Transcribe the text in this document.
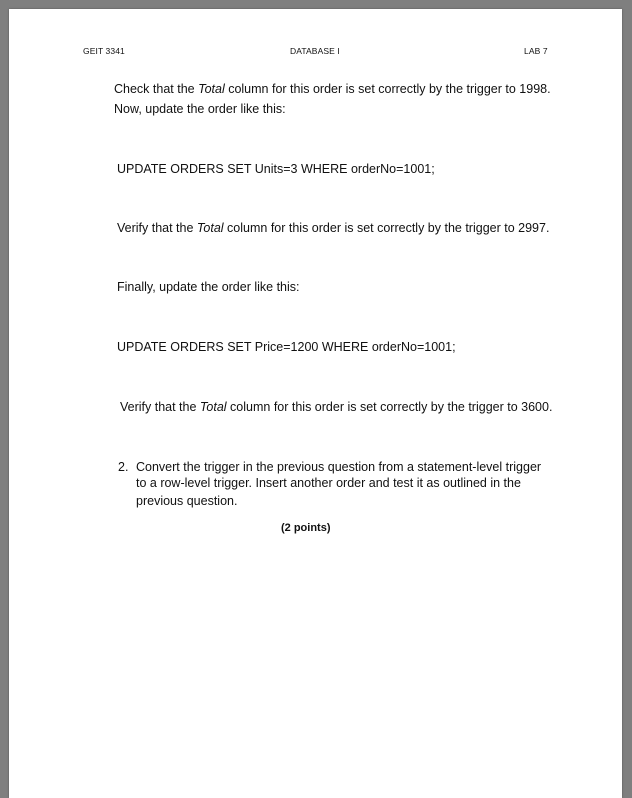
GEIT 3341	DATABASE I	LAB 7
Check that the Total column for this order is set correctly by the trigger to 1998.
Now, update the order like this:
UPDATE ORDERS SET Units=3 WHERE orderNo=1001;
Verify that the Total column for this order is set correctly by the trigger to 2997.
Finally, update the order like this:
UPDATE ORDERS SET Price=1200 WHERE orderNo=1001;
Verify that the Total column for this order is set correctly by the trigger to 3600.
2. Convert the trigger in the previous question from a statement-level trigger
to a row-level trigger. Insert another order and test it as outlined in the
previous question.
(2 points)
